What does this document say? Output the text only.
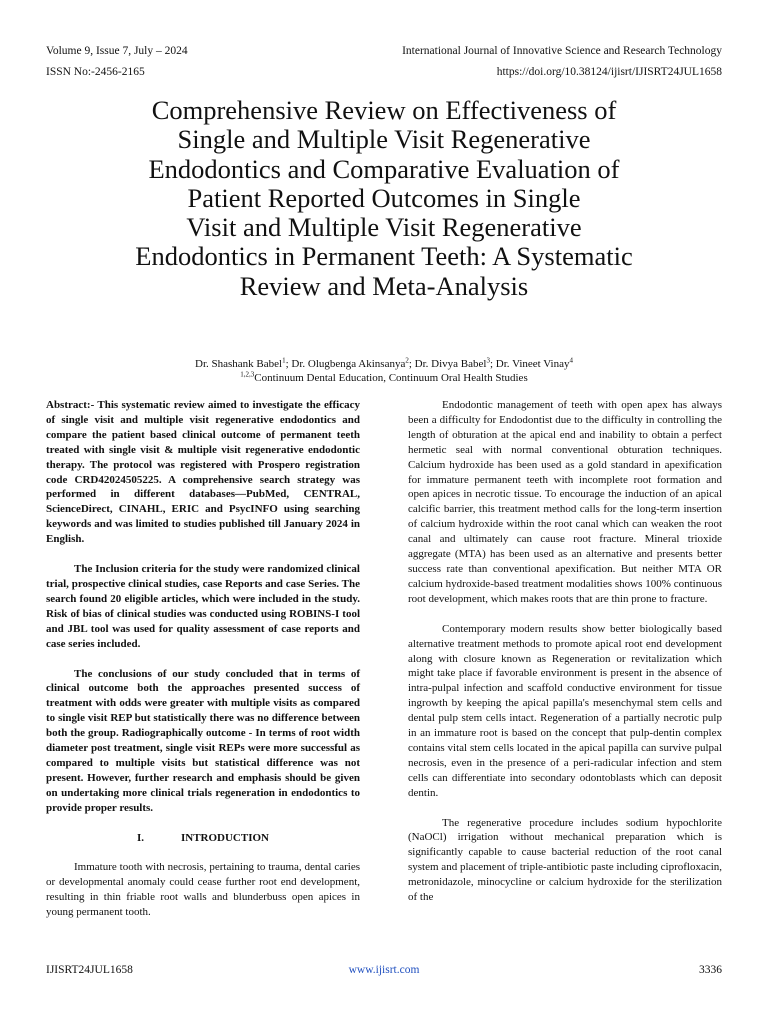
Volume 9, Issue 7, July – 2024	International Journal of Innovative Science and Research Technology
ISSN No:-2456-2165	https://doi.org/10.38124/ijisrt/IJISRT24JUL1658
Comprehensive Review on Effectiveness of
Single and Multiple Visit Regenerative
Endodontics and Comparative Evaluation of
Patient Reported Outcomes in Single
Visit and Multiple Visit Regenerative
Endodontics in Permanent Teeth: A Systematic
Review and Meta-Analysis
Dr. Shashank Babel$^1$; Dr. Olugbenga Akinsanya$^2$; Dr. Divya Babel$^3$; Dr. Vineet Vinay$^4$
$^{1,2,3}$Continuum Dental Education, Continuum Oral Health Studies

Abstract:- This systematic review aimed to investigate the efficacy of single visit and multiple visit regenerative endodontics and compare the patient based clinical outcome of permanent teeth treated with single visit & multiple visit regenerative endodontic therapy. The protocol was registered with Prospero registration code CRD42024505225. A comprehensive search strategy was performed in different databases—PubMed, CENTRAL, ScienceDirect, CINAHL, ERIC and PsycINFO using searching keywords and was limited to studies published till January 2024 in English.

The Inclusion criteria for the study were randomized clinical trial, prospective clinical studies, case Reports and case Series. The search found 20 eligible articles, which were included in the study. Risk of bias of clinical studies was conducted using ROBINS-I tool and JBL tool was used for quality assessment of case reports and case series included.

The conclusions of our study concluded that in terms of clinical outcome both the approaches presented success of treatment with odds were greater with multiple visits as compared to single visit REP but statistically there was no difference between both the group. Radiographically outcome - In terms of root width diameter post treatment, single visit REPs were more successful as compared to multiple visits but statistical difference was not present. However, further research and emphasis should be given on undertaking more clinical trials regeneration in endodontics to provide proper results.

I.	INTRODUCTION

Immature tooth with necrosis, pertaining to trauma, dental caries or developmental anomaly could cease further root end development, resulting in thin friable root walls and blunderbuss open apices in young permanent tooth.

Endodontic management of teeth with open apex has always been a difficulty for Endodontist due to the difficulty in controlling the length of obturation at the apical end and inability to obtain a perfect hermetic seal with normal conventional obturation techniques. Calcium hydroxide has been used as a gold standard in apexification for immature permanent teeth with incomplete root formation and open apices in necrotic tissue. To encourage the induction of an apical calcific barrier, this treatment method calls for the long-term insertion of calcium hydroxide within the root canal which can weaken the root canal and ultimately can cause root fracture. Mineral trioxide aggregate (MTA) has been used as an alternative and presents better success rate than conventional apexification. But neither MTA OR calcium hydroxide-based treatment modalities shows 100% continuous root development, which makes roots that are thin prone to fracture.

Contemporary modern results show better biologically based alternative treatment methods to promote apical root end development along with closure known as Regeneration or revitalization which might take place if favorable environment is present in the absence of intra-pulpal infection and scaffold conductive environment for tissue ingrowth by keeping the apical papilla's mesenchymal stem cells and dental pulp stem cells intact. Regeneration of a partially necrotic pulp in an immature root is based on the concept that pulp-dentin complex contains vital stem cells located in the apical papilla can survive pulpal necrosis, even in the presence of a peri-radicular infection and stem cells can differentiate into secondary odontoblasts which can deposit dentin.

The regenerative procedure includes sodium hypochlorite (NaOCl) irrigation without mechanical preparation which is significantly capable to cause bacterial reduction of the root canal system and placement of triple-antibiotic paste including ciprofloxacin, metronidazole, minocycline or calcium hydroxide for the sterilization of the

IJISRT24JUL1658	www.ijisrt.com	3336
